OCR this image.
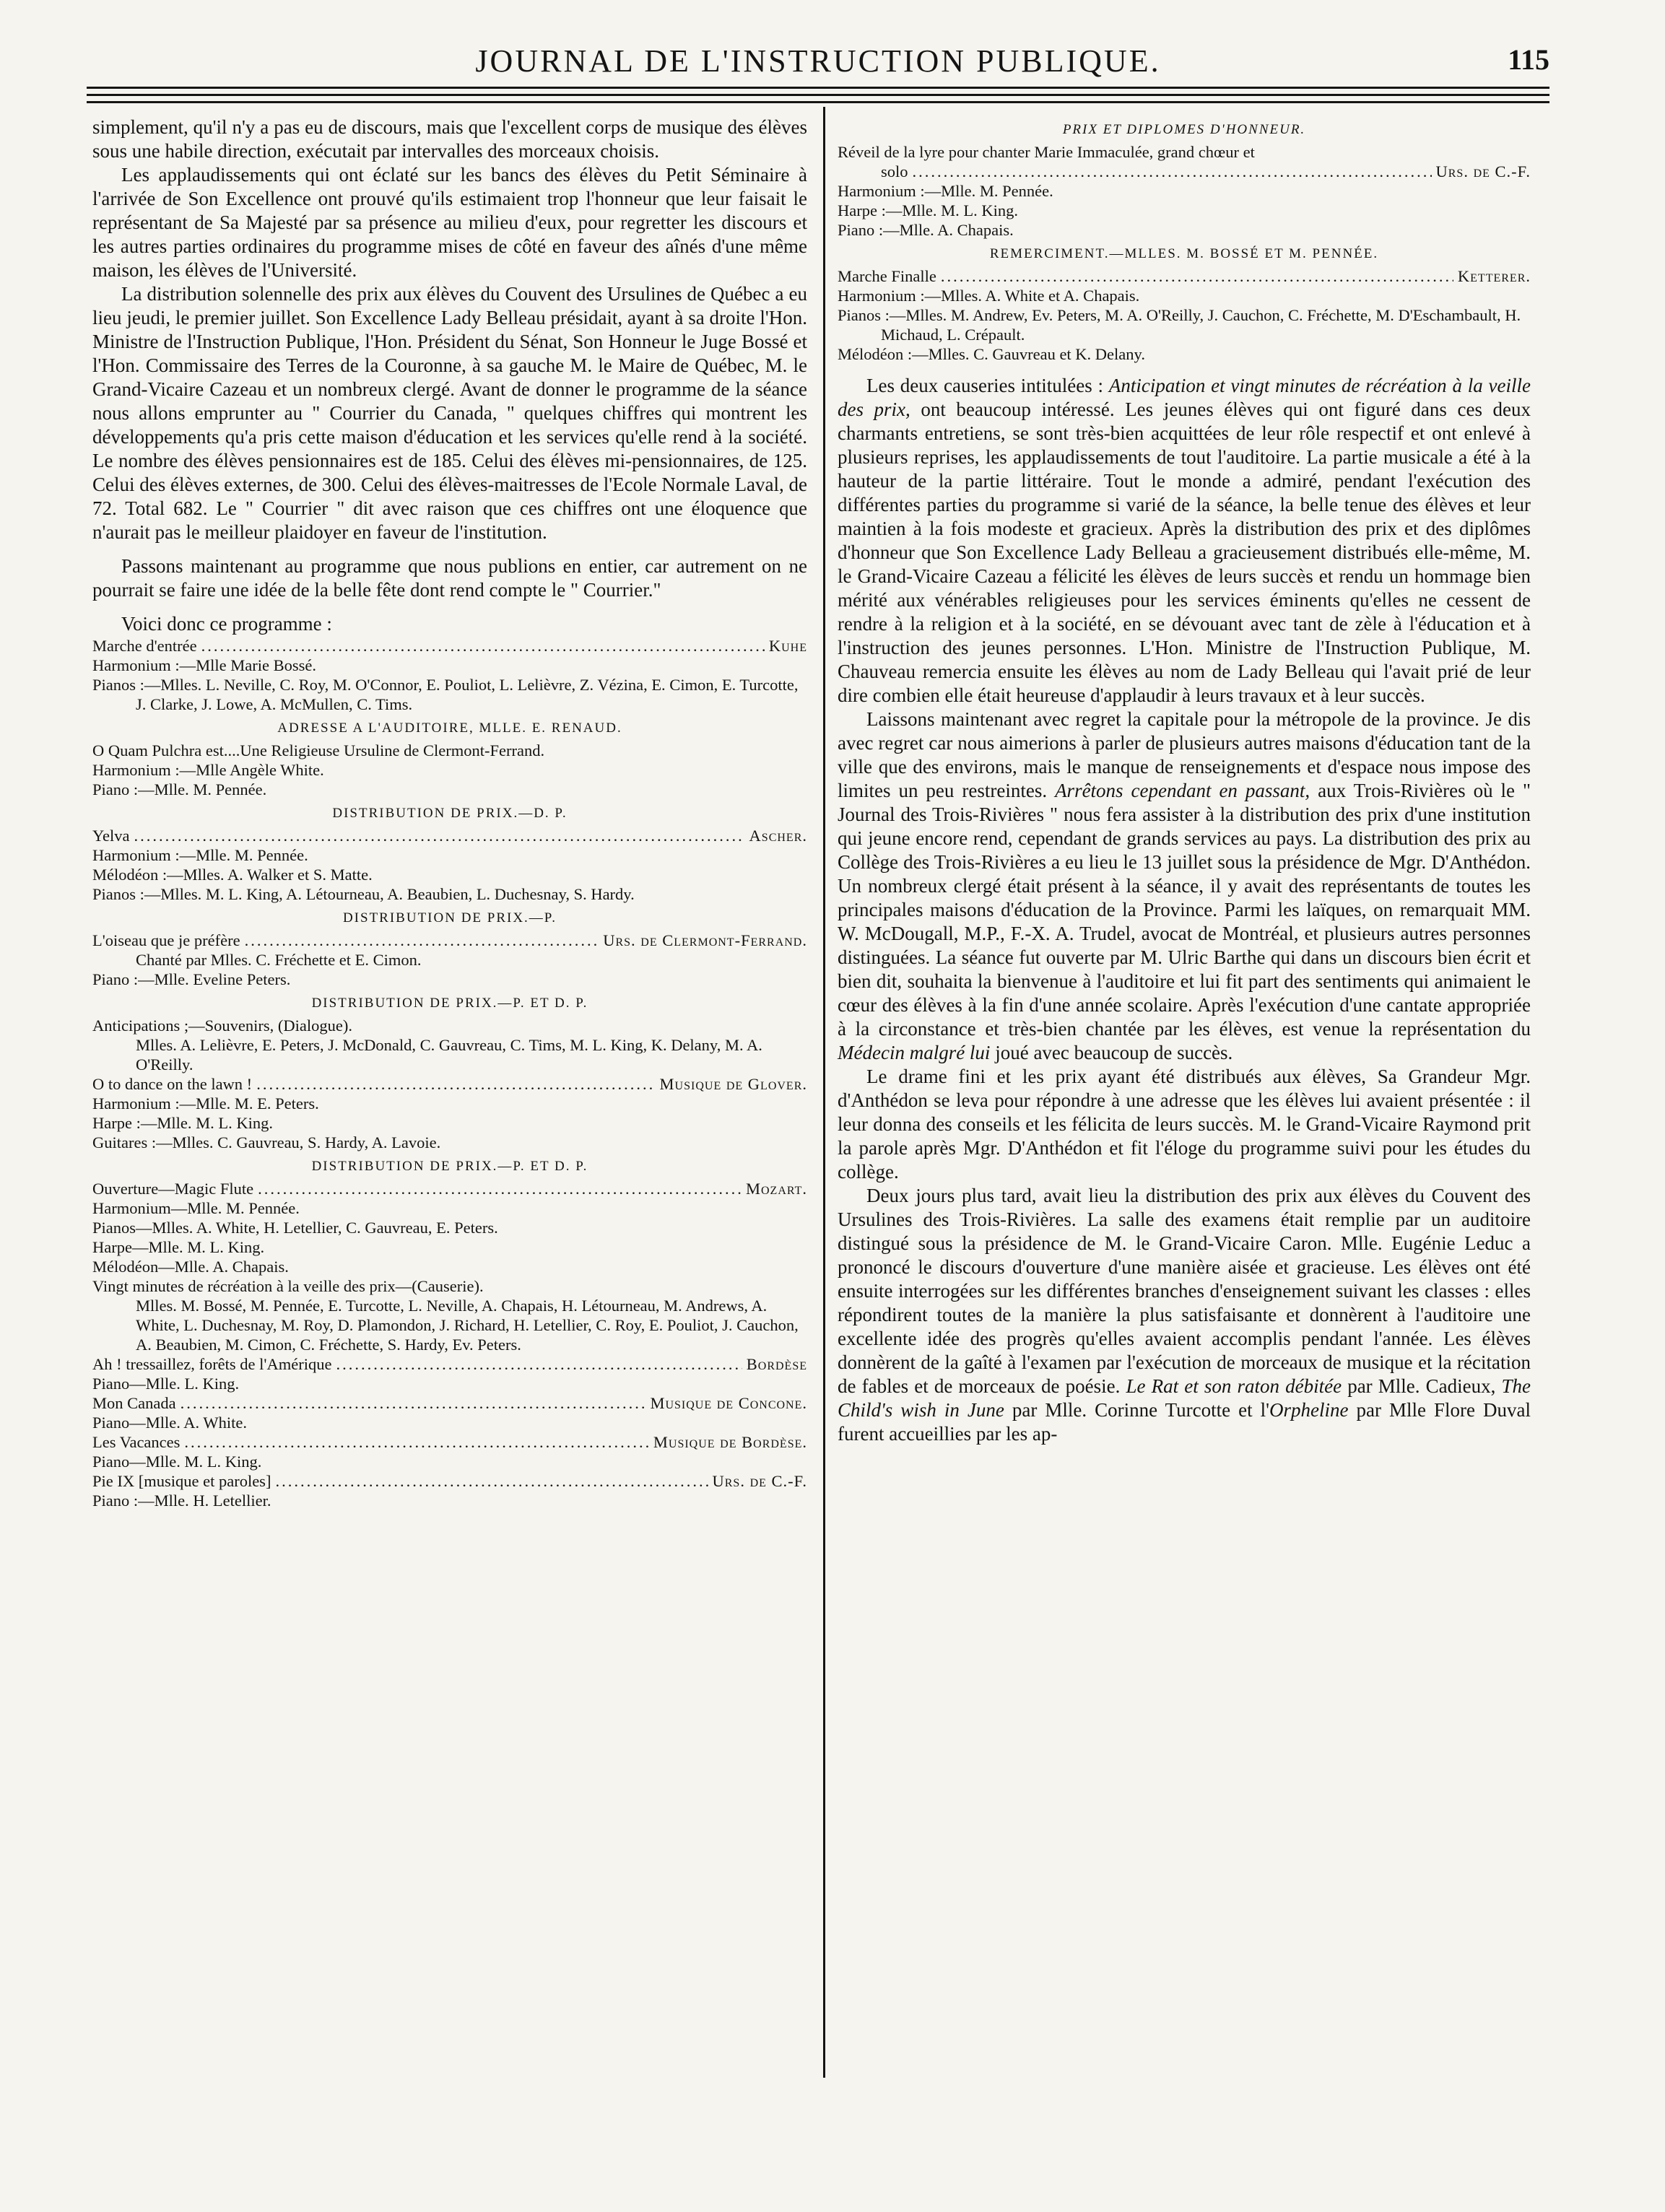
JOURNAL DE L'INSTRUCTION PUBLIQUE.	115

simplement, qu'il n'y a pas eu de discours, mais que l'excellent corps de musique des élèves sous une habile direction, exécutait par intervalles des morceaux choisis.

Les applaudissements qui ont éclaté sur les bancs des élèves du Petit Séminaire à l'arrivée de Son Excellence ont prouvé qu'ils estimaient trop l'honneur que leur faisait le représentant de Sa Majesté par sa présence au milieu d'eux, pour regretter les discours et les autres parties ordinaires du programme mises de côté en faveur des aînés d'une même maison, les élèves de l'Université.

La distribution solennelle des prix aux élèves du Couvent des Ursulines de Québec a eu lieu jeudi, le premier juillet. Son Excellence Lady Belleau présidait, ayant à sa droite l'Hon. Ministre de l'Instruction Publique, l'Hon. Président du Sénat, Son Honneur le Juge Bossé et l'Hon. Commissaire des Terres de la Couronne, à sa gauche M. le Maire de Québec, M. le Grand-Vicaire Cazeau et un nombreux clergé. Avant de donner le programme de la séance nous allons emprunter au " Courrier du Canada, " quelques chiffres qui montrent les développements qu'a pris cette maison d'éducation et les services qu'elle rend à la société. Le nombre des élèves pensionnaires est de 185. Celui des élèves mi-pensionnaires, de 125. Celui des élèves externes, de 300. Celui des élèves-maitresses de l'Ecole Normale Laval, de 72. Total 682. Le " Courrier " dit avec raison que ces chiffres ont une éloquence que n'aurait pas le meilleur plaidoyer en faveur de l'institution.

Passons maintenant au programme que nous publions en entier, car autrement on ne pourrait se faire une idée de la belle fête dont rend compte le " Courrier."

Voici donc ce programme :

Marche d'entrée .....	Kuhe
Harmonium :—Mlle Marie Bossé.
Pianos :—Mlles. L. Neville, C. Roy, M. O'Connor, E. Pouliot, L. Lelièvre, Z. Vézina, E. Cimon, E. Turcotte, J. Clarke, J. Lowe, A. McMullen, C. Tims.
ADRESSE A L'AUDITOIRE, MLLE. E. RENAUD.
O Quam Pulchra est....Une Religieuse Ursuline de Clermont-Ferrand.
Harmonium :—Mlle Angèle White.
Piano :—Mlle. M. Pennée.
DISTRIBUTION DE PRIX.—D. P.
Yelva .....	Ascher.
Harmonium :—Mlle. M. Pennée.
Mélodéon :—Mlles. A. Walker et S. Matte.
Pianos :—Mlles. M. L. King, A. Létourneau, A. Beaubien, L. Duchesnay, S. Hardy.
DISTRIBUTION DE PRIX.—P.
L'oiseau que je préfère .....	Urs. de Clermont-Ferrand.
Chanté par Mlles. C. Fréchette et E. Cimon.
Piano :—Mlle. Eveline Peters.
DISTRIBUTION DE PRIX.—P. ET D. P.
Anticipations ;—Souvenirs, (Dialogue).
Mlles. A. Lelièvre, E. Peters, J. McDonald, C. Gauvreau, C. Tims, M. L. King, K. Delany, M. A. O'Reilly.
O to dance on the lawn ! .....	Musique de Glover.
Harmonium :—Mlle. M. E. Peters.
Harpe :—Mlle. M. L. King.
Guitares :—Mlles. C. Gauvreau, S. Hardy, A. Lavoie.
DISTRIBUTION DE PRIX.—P. ET D. P.
Ouverture—Magic Flute .....	Mozart.
Harmonium—Mlle. M. Pennée.
Pianos—Mlles. A. White, H. Letellier, C. Gauvreau, E. Peters.
Harpe—Mlle. M. L. King.
Mélodéon—Mlle. A. Chapais.
Vingt minutes de récréation à la veille des prix—(Causerie).
Mlles. M. Bossé, M. Pennée, E. Turcotte, L. Neville, A. Chapais, H. Létourneau, M. Andrews, A. White, L. Duchesnay, M. Roy, D. Plamondon, J. Richard, H. Letellier, C. Roy, E. Pouliot, J. Cauchon, A. Beaubien, M. Cimon, C. Fréchette, S. Hardy, Ev. Peters.
Ah ! tressaillez, forêts de l'Amérique .....	Bordèse
Piano—Mlle. L. King.
Mon Canada .....	Musique de Concone.
Piano—Mlle. A. White.
Les Vacances .....	Musique de Bordèse.
Piano—Mlle. M. L. King.
Pie IX [musique et paroles] .....	Urs. de C.-F.
Piano :—Mlle. H. Letellier.
PRIX ET DIPLOMES D'HONNEUR.
Réveil de la lyre pour chanter Marie Immaculée, grand chœur et
solo .....	Urs. de C.-F.
Harmonium :—Mlle. M. Pennée.
Harpe :—Mlle. M. L. King.
Piano :—Mlle. A. Chapais.
REMERCIMENT.—MLLES. M. BOSSÉ ET M. PENNÉE.
Marche Finalle .....	Ketterer.
Harmonium :—Mlles. A. White et A. Chapais.
Pianos :—Mlles. M. Andrew, Ev. Peters, M. A. O'Reilly, J. Cauchon, C. Fréchette, M. D'Eschambault, H. Michaud, L. Crépault.
Mélodéon :—Mlles. C. Gauvreau et K. Delany.

Les deux causeries intitulées : Anticipation et vingt minutes de récréation à la veille des prix, ont beaucoup intéressé. Les jeunes élèves qui ont figuré dans ces deux charmants entretiens, se sont très-bien acquittées de leur rôle respectif et ont enlevé à plusieurs reprises, les applaudissements de tout l'auditoire. La partie musicale a été à la hauteur de la partie littéraire. Tout le monde a admiré, pendant l'exécution des différentes parties du programme si varié de la séance, la belle tenue des élèves et leur maintien à la fois modeste et gracieux. Après la distribution des prix et des diplômes d'honneur que Son Excellence Lady Belleau a gracieusement distribués elle-même, M. le Grand-Vicaire Cazeau a félicité les élèves de leurs succès et rendu un hommage bien mérité aux vénérables religieuses pour les services éminents qu'elles ne cessent de rendre à la religion et à la société, en se dévouant avec tant de zèle à l'éducation et à l'instruction des jeunes personnes. L'Hon. Ministre de l'Instruction Publique, M. Chauveau remercia ensuite les élèves au nom de Lady Belleau qui l'avait prié de leur dire combien elle était heureuse d'applaudir à leurs travaux et à leur succès.

Laissons maintenant avec regret la capitale pour la métropole de la province. Je dis avec regret car nous aimerions à parler de plusieurs autres maisons d'éducation tant de la ville que des environs, mais le manque de renseignements et d'espace nous impose des limites un peu restreintes. Arrêtons cependant en passant, aux Trois-Rivières où le " Journal des Trois-Rivières " nous fera assister à la distribution des prix d'une institution qui jeune encore rend, cependant de grands services au pays. La distribution des prix au Collège des Trois-Rivières a eu lieu le 13 juillet sous la présidence de Mgr. D'Anthédon. Un nombreux clergé était présent à la séance, il y avait des représentants de toutes les principales maisons d'éducation de la Province. Parmi les laïques, on remarquait MM. W. McDougall, M.P., F.-X. A. Trudel, avocat de Montréal, et plusieurs autres personnes distinguées. La séance fut ouverte par M. Ulric Barthe qui dans un discours bien écrit et bien dit, souhaita la bienvenue à l'auditoire et lui fit part des sentiments qui animaient le cœur des élèves à la fin d'une année scolaire. Après l'exécution d'une cantate appropriée à la circonstance et très-bien chantée par les élèves, est venue la représentation du Médecin malgré lui joué avec beaucoup de succès.

Le drame fini et les prix ayant été distribués aux élèves, Sa Grandeur Mgr. d'Anthédon se leva pour répondre à une adresse que les élèves lui avaient présentée : il leur donna des conseils et les félicita de leurs succès. M. le Grand-Vicaire Raymond prit la parole après Mgr. D'Anthédon et fit l'éloge du programme suivi pour les études du collège.

Deux jours plus tard, avait lieu la distribution des prix aux élèves du Couvent des Ursulines des Trois-Rivières. La salle des examens était remplie par un auditoire distingué sous la présidence de M. le Grand-Vicaire Caron. Mlle. Eugénie Leduc a prononcé le discours d'ouverture d'une manière aisée et gracieuse. Les élèves ont été ensuite interrogées sur les différentes branches d'enseignement suivant les classes : elles répondirent toutes de la manière la plus satisfaisante et donnèrent à l'auditoire une excellente idée des progrès qu'elles avaient accomplis pendant l'année. Les élèves donnèrent de la gaîté à l'examen par l'exécution de morceaux de musique et la récitation de fables et de morceaux de poésie. Le Rat et son raton débitée par Mlle. Cadieux, The Child's wish in June par Mlle. Corinne Turcotte et l'Orpheline par Mlle Flore Duval furent accueillies par les ap-
